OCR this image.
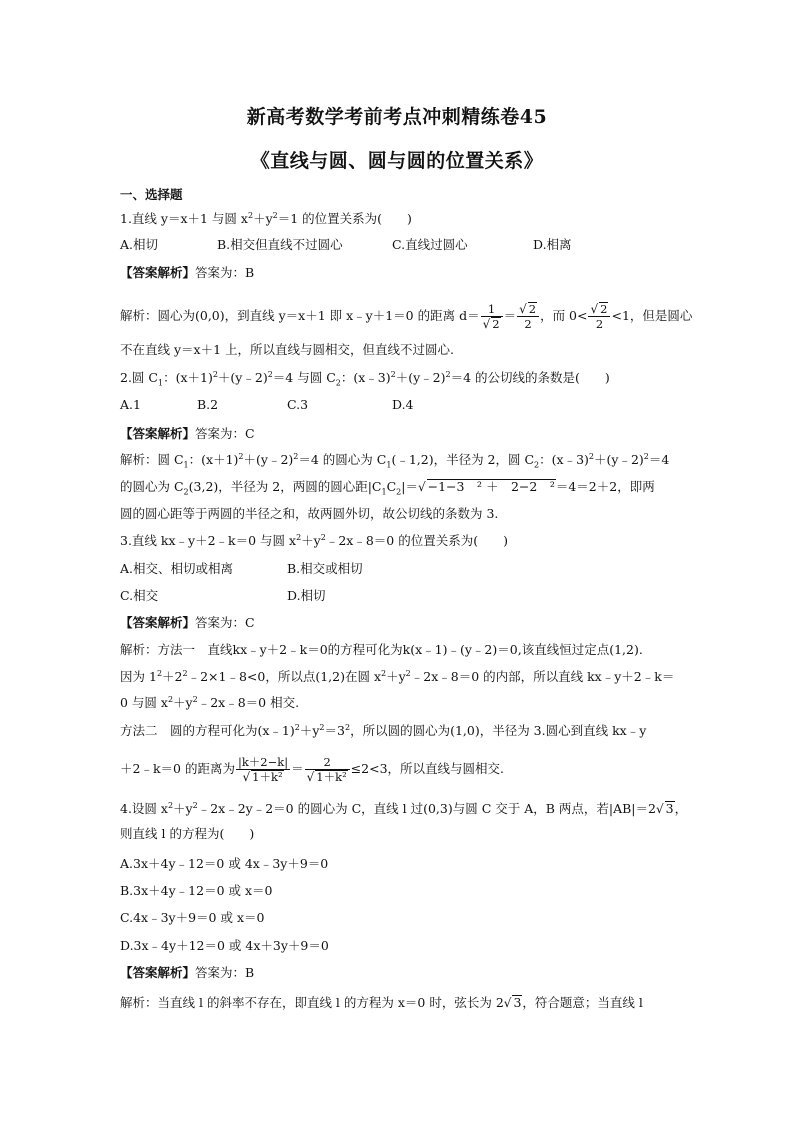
新高考数学考前考点冲刺精练卷45
《直线与圆、圆与圆的位置关系》
一、选择题
1.直线 y＝x＋1 与圆 $x^2+y^2=1$ 的位置关系为(　　)
A.相切	B.相交但直线不过圆心	C.直线过圆心	D.相离
【答案解析】答案为：B
解析：圆心为(0,0)，到直线 y＝x＋1 即 x﹣y＋1＝0 的距离 $d= \frac{1}{√ 2} = \frac{√ 2}{2}$ ，而 $0< \frac{√ 2}{2} <1$，但是圆心
不在直线 y＝x＋1 上，所以直线与圆相交，但直线不过圆心.
2.圆 $C_1$：$(x+1)^2+(y﹣2)^2=4$ 与圆 $C_2$：(x﹣3)$^2$＋(y﹣2)$^2$＝4 的公切线的条数是(　　)
A.1	B.2	C.3	D.4
【答案解析】答案为：C
解析：圆 $C_1$：$(x+1)^2+(y﹣2)^2=4$ 的圆心为 $C_1(﹣1,2)$，半径为 2，圆 $C_2$：(x﹣3)$^2$＋(y﹣2)$^2$＝4
的圆心为 $C_2(3,2)$，半径为 2，两圆的圆心距$|C_1C_2|=√-1-3$　² ＋　2−2　²＝4＝2＋2，即两
圆的圆心距等于两圆的半径之和，故两圆外切，故公切线的条数为 3.
3.直线 kx﹣y＋2﹣k＝0 与圆 $x^2+y^2﹣2x﹣8=0$ 的位置关系为(　　)
A.相交、相切或相离	B.相交或相切
C.相交	D.相切
【答案解析】答案为：C
解析：方法一　直线kx﹣y＋2﹣k＝0的方程可化为k(x﹣1)﹣(y﹣2)＝0,该直线恒过定点(1,2).
因为 $1^2+2^2﹣2\times 1﹣8<0$，所以点(1,2)在圆 $x^2+y^2﹣2x﹣8=0$ 的内部，所以直线 kx﹣y＋2﹣k＝
0 与圆 $x^2+y^2﹣2x﹣8=0$ 相交.
方法二　圆的方程可化为$(x﹣1)^2+y^2=3^2$，所以圆的圆心为(1,0)，半径为 3.圆心到直线 kx﹣y
＋2﹣k＝0 的距离为 $\frac{|k+2-k|}{\text{√ 1＋k²}} = \frac{2}{\text{√ 1＋k²}} \le 2<3$，所以直线与圆相交.
4.设圆 $x^2+y^2﹣2x﹣2y﹣2=0$ 的圆心为 C，直线 l 过(0,3)与圆 C 交于 A，B 两点，若|AB|＝2√ 3，
则直线 l 的方程为(　　)
A.3x＋4y﹣12＝0 或 4x﹣3y＋9＝0
B.3x＋4y﹣12＝0 或 x＝0
C.4x﹣3y＋9＝0 或 x＝0
D.3x﹣4y＋12＝0 或 4x＋3y＋9＝0
【答案解析】答案为：B
解析：当直线 l 的斜率不存在，即直线 l 的方程为 x＝0 时，弦长为 2√ 3，符合题意；当直线 l
